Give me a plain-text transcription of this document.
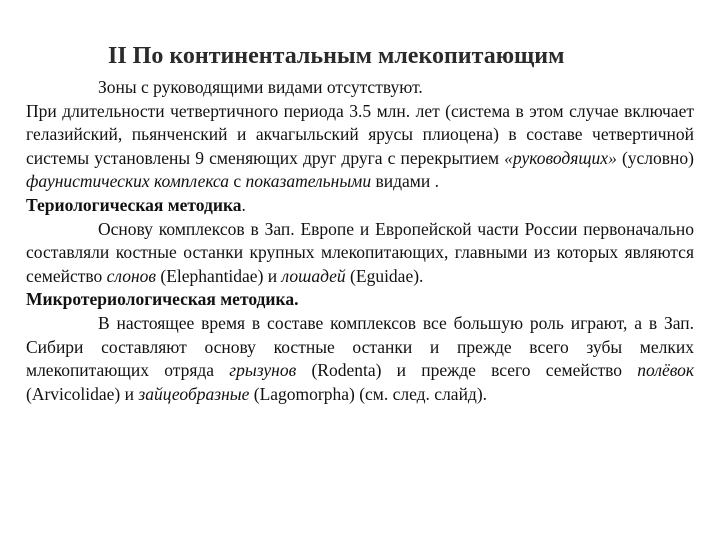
II По континентальным млекопитающим

Зоны с руководящими видами отсутствуют.

При длительности четвертичного периода 3.5 млн. лет (система в этом случае включает гелазийский, пьянченский и акчагыльский ярусы плиоцена) в составе четвертичной системы установлены 9 сменяющих друг друга с перекрытием «руководящих» (условно) фаунистических комплекса с показательными видами .

Териологическая методика.

Основу комплексов в Зап. Европе и Европейской части России первоначально составляли костные останки крупных млекопитающих, главными из которых являются семейство слонов (Elephantidae) и лошадей (Eguidae).

Микротериологическая методика.

В настоящее время в составе комплексов все большую роль играют, а в Зап. Сибири составляют основу костные останки и прежде всего зубы мелких млекопитающих отряда грызунов (Rodenta) и прежде всего семейство полёвок (Arvicolidae) и зайцеобразные (Lagomorpha) (см. след. слайд).
